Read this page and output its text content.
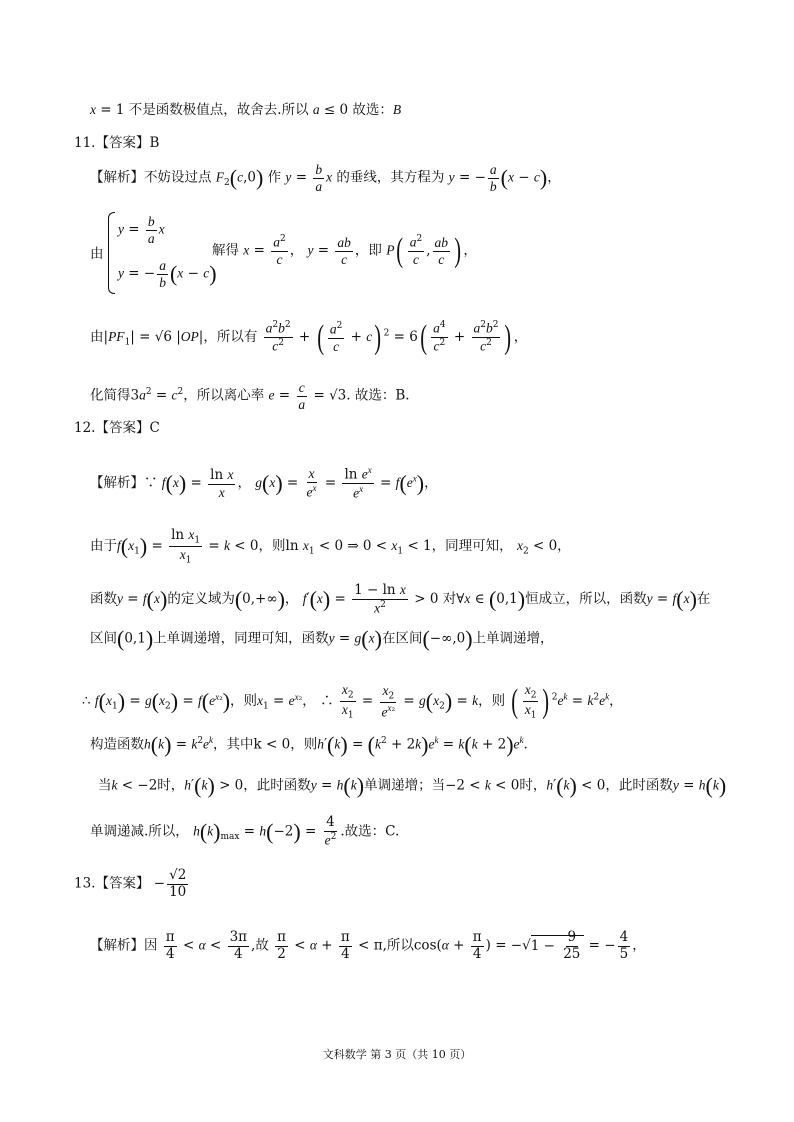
x = 1 不是函数极值点，故舍去.所以 a ≤ 0 故选：B
11.【答案】B
【解析】不妨设过点 $F_2(c,0)$ 作 $y = \frac{b}{a}$ x 的垂线，其方程为 y = − $\frac{a}{b} (x - c)$，
由
$y = \frac{b}{a}$ x
y = − $\frac{a}{b} (x - c)$
解得 $x = \frac{a^2}{c}$ ， $y = \frac{ab}{c}$ ，即 $P( \frac{a^2}{c}$ , $\frac{ab}{c}$ ) ，
由$|PF_1| = √6$ |OP|，所以有 $\frac{a^2b^2}{c^2}$ + ( $\frac{a^2}{c} + c$) $^2 = 6( \frac{a^4}{c^2} + \frac{a^2b^2}{c^2}$ ) ，
化简得$3a^2 = c^2$，所以离心率 $e = \frac{c}{a} = √3$. 故选：B.
12.【答案】C
【解析】∵ $f(x) = \frac{\text{ln x}}{x}$ ， $g(x) = \frac{x}{e^x} = \frac{\ln e^x}{e^x} = f(e^x)$，
由于$f(x_1) = \frac{\ln x_1}{x_1} = k < 0$，则$\ln x_1 < 0$ ⇒ $0 < x_1 < 1$，同理可知， $x_2 < 0$，
函数y = f(x)的定义域为(0,+∞)， $f'(x) = \frac{\text{1 − ln x}}{x^2} > 0$ 对∀x ∈ (0,1)恒成立，所以，函数y = f(x)在
区间(0,1)上单调递增，同理可知，函数y = g(x)在区间(−∞,0)上单调递增，
∴ $f(x_1) = g(x_2) = f(e^{x_2})$，则$x_1 = e^{x_2}$， ∴ $\frac{x_2}{x_1} = \frac{x_2}{e^{x_2}} = g(x_2) = k$，则 ( $\frac{x_2}{x_1}$ ) $^2e^k = k^2e^k$，
构造函数$h(k) = k^2e^k$，其中k < 0，则$h'(k) = (k^2 + 2k)e^k = k(k + 2)e^k$.
当k < −2时，h′(k) > 0，此时函数y = h(k)单调递增；当−2 < k < 0时，h′(k) < 0，此时函数y = h(k)
单调递减.所以， $h(k)_{max} = h(-2) = \frac{4}{e^2}$ .故选：C.
13.【答案】 − $\frac{√2}{10}$
【解析】因 $\frac{\pi}{4} < \alpha < \frac{3\pi}{4}$ ,故 $\frac{\pi}{2} < \alpha + \frac{\pi}{4} < \pi$,所以$\cos(\alpha + \frac{\pi}{4}$ ) = $-√1 - \frac{9}{25}$ = − $\frac{4}{5}$ ，
文科数学 第 3 页（共 10 页）
